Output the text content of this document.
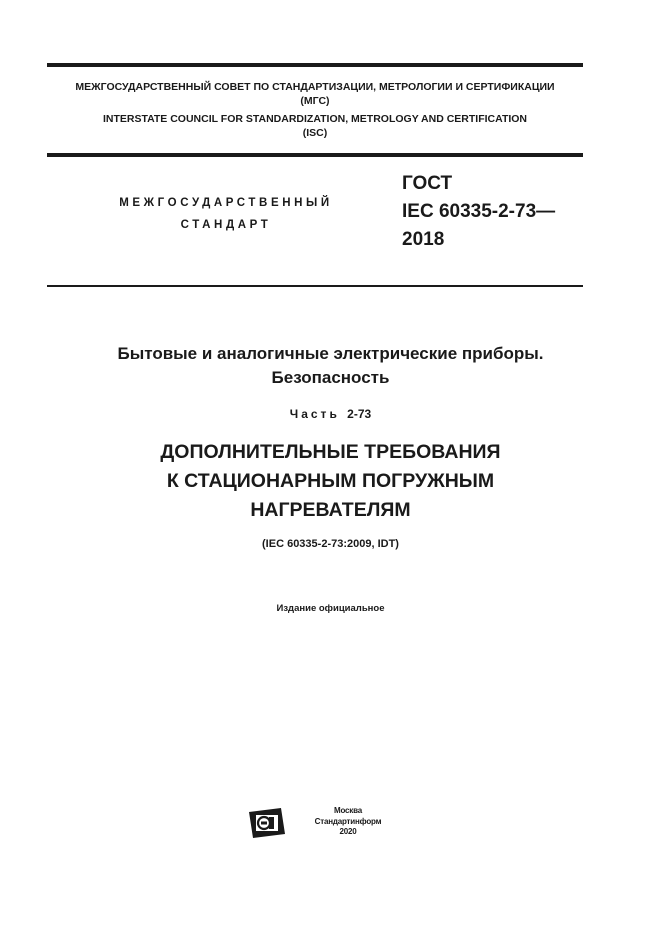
МЕЖГОСУДАРСТВЕННЫЙ СОВЕТ ПО СТАНДАРТИЗАЦИИ, МЕТРОЛОГИИ И СЕРТИФИКАЦИИ
(МГС)
INTERSTATE COUNCIL FOR STANDARDIZATION, METROLOGY AND CERTIFICATION
(ISC)
МЕЖГОСУДАРСТВЕННЫЙ
СТАНДАРТ
ГОСТ
IEC 60335-2-73—
2018
Бытовые и аналогичные электрические приборы.
Безопасность
Часть 2-73
ДОПОЛНИТЕЛЬНЫЕ ТРЕБОВАНИЯ
К СТАЦИОНАРНЫМ ПОГРУЖНЫМ
НАГРЕВАТЕЛЯМ
(IEC 60335-2-73:2009, IDT)
Издание официальное
Москва
Стандартинформ
2020
